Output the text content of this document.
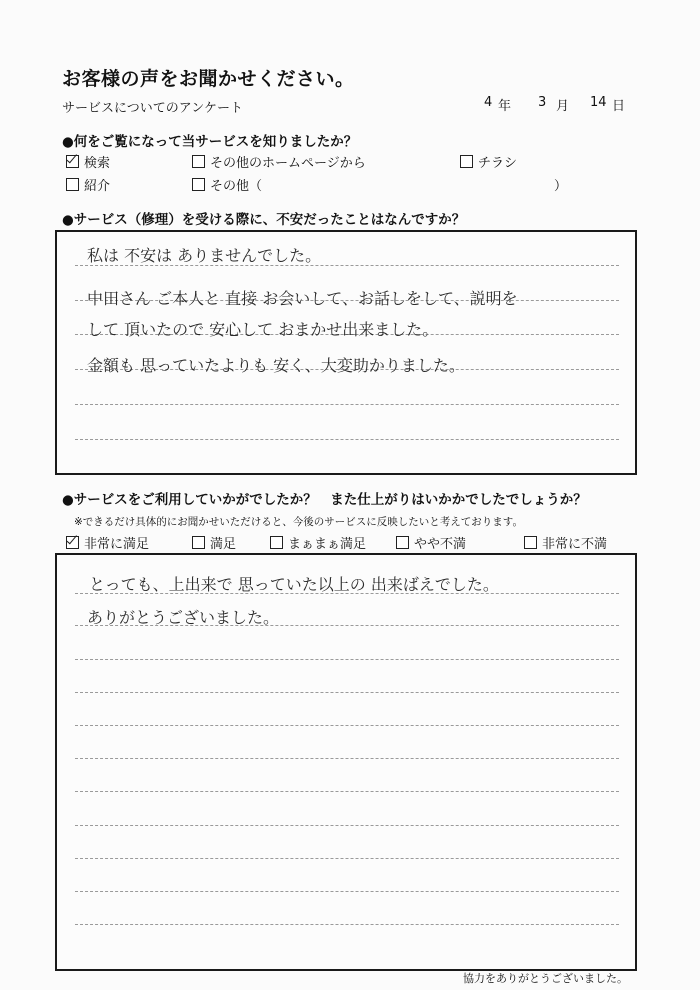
お客様の声をお聞かせください。
サービスについてのアンケート	4 年 3 月 14 日
●何をご覧になって当サービスを知りましたか？
検索	その他のホームページから	チラシ
紹介	その他（	）
●サービス（修理）を受ける際に、不安だったことはなんですか？
私は 不安は ありませんでした。
中田さん ご本人と 直接 お会いして、お話しをして、説明を
して 頂いたので 安心して おまかせ出来ました。
金額も 思っていたよりも 安く、大変助かりました。
●サービスをご利用していかがでしたか？　また仕上がりはいかかでしたでしょうか？
※できるだけ具体的にお聞かせいただけると、今後のサービスに反映したいと考えております。
非常に満足	満足	まぁまぁ満足	やや不満	非常に不満
とっても、上出来で 思っていた以上の 出来ばえでした。
ありがとうございました。
協力をありがとうございました。
